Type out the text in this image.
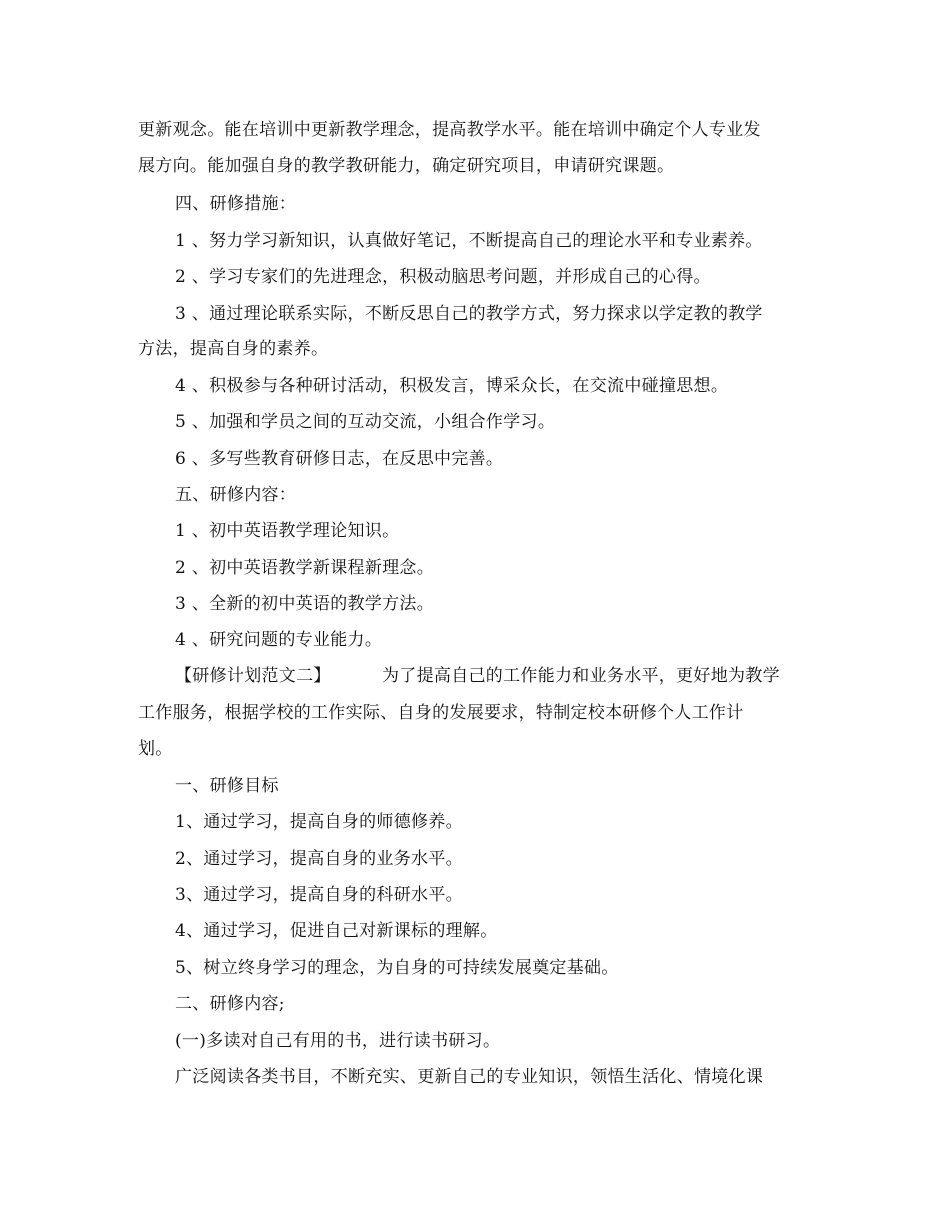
更新观念。能在培训中更新教学理念，提高教学水平。能在培训中确定个人专业发
展方向。能加强自身的教学教研能力，确定研究项目，申请研究课题。
四、研修措施：
1 、努力学习新知识，认真做好笔记，不断提高自己的理论水平和专业素养。
2 、学习专家们的先进理念，积极动脑思考问题，并形成自己的心得。
3 、通过理论联系实际，不断反思自己的教学方式，努力探求以学定教的教学
方法，提高自身的素养。
4 、积极参与各种研讨活动，积极发言，博采众长，在交流中碰撞思想。
5 、加强和学员之间的互动交流，小组合作学习。
6 、多写些教育研修日志，在反思中完善。
五、研修内容：
1 、初中英语教学理论知识。
2 、初中英语教学新课程新理念。
3 、全新的初中英语的教学方法。
4 、研究问题的专业能力。
【研修计划范文二】	为了提高自己的工作能力和业务水平，更好地为教学
工作服务，根据学校的工作实际、自身的发展要求，特制定校本研修个人工作计
划。
一、研修目标
1、通过学习，提高自身的师德修养。
2、通过学习，提高自身的业务水平。
3、通过学习，提高自身的科研水平。
4、通过学习，促进自己对新课标的理解。
5、树立终身学习的理念，为自身的可持续发展奠定基础。
二、研修内容;
(一)多读对自己有用的书，进行读书研习。
广泛阅读各类书目，不断充实、更新自己的专业知识，领悟生活化、情境化课
